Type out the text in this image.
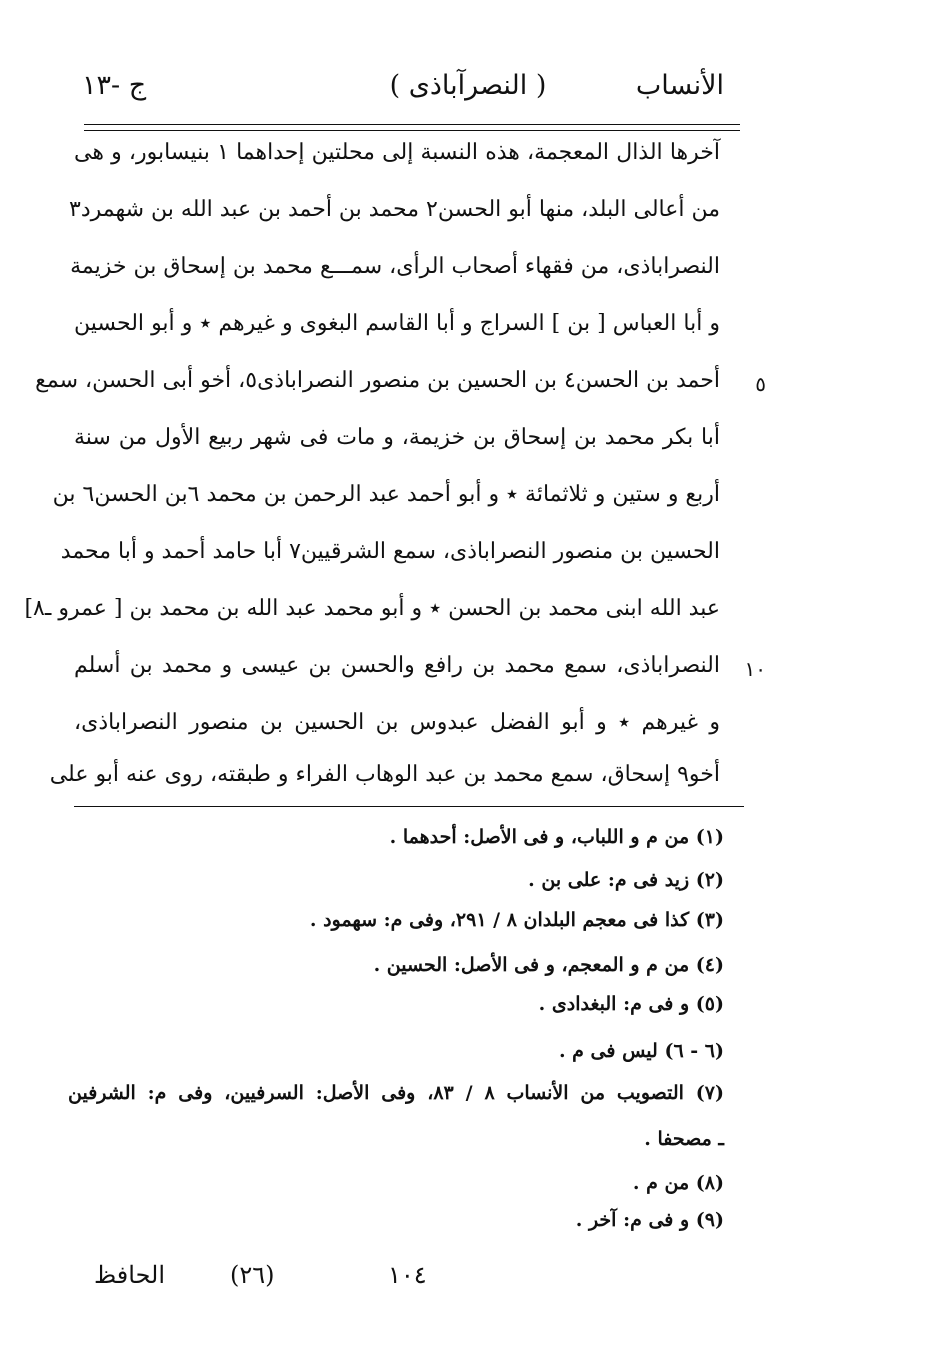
الأنساب
( النصرآباذى )
ج -١٣
آخرها الذال المعجمة، هذه النسبة إلى محلتين إحداهما ١ بنيسابور، و هى
من أعالى البلد، منها أبو الحسن٢ محمد بن أحمد بن عبد الله بن شهمرد٣
النصراباذى، من فقهاء أصحاب الرأى، سمـــع محمد بن إسحاق بن خزيمة
و أبا العباس [ بن ] السراج و أبا القاسم البغوى و غيرهم ٭ و أبو الحسين
أحمد بن الحسن٤ بن الحسين بن منصور النصراباذى٥، أخو أبى الحسن، سمع
أبا بكر محمد بن إسحاق بن خزيمة، و مات فى شهر ربيع الأول من سنة
أربع و ستين و ثلاثمائة ٭ و أبو أحمد عبد الرحمن بن محمد ٦بن الحسن٦ بن
الحسين بن منصور النصراباذى، سمع الشرقيين٧ أبا حامد أحمد و أبا محمد
عبد الله ابنى محمد بن الحسن ٭ و أبو محمد عبد الله بن محمد بن [ عمرو ـ٨]
النصراباذى، سمع محمد بن رافع والحسن بن عيسى و محمد بن أسلم
و غيرهم ٭ و أبو الفضل عبدوس بن الحسين بن منصور النصراباذى،
أخو٩ إسحاق، سمع محمد بن عبد الوهاب الفراء و طبقته، روى عنه أبو على
٥
١٠
(١) من م و اللباب، و فى الأصل: أحدهما .
(٢) زيد فى م: على بن .
(٣) كذا فى معجم البلدان ٨ / ٢٩١، وفى م: سهمود .
(٤) من م و المعجم، و فى الأصل: الحسين .
(٥) و فى م: البغدادى .
(٦ - ٦) ليس فى م .
(٧) التصويب من الأنساب ٨ / ٨٣، وفى الأصل: السرفيين، وفى م: الشرفين
ـ مصحفا .
(٨) من م .
(٩) و فى م: آخر .
الحافظ	(٢٦)	١٠٤
